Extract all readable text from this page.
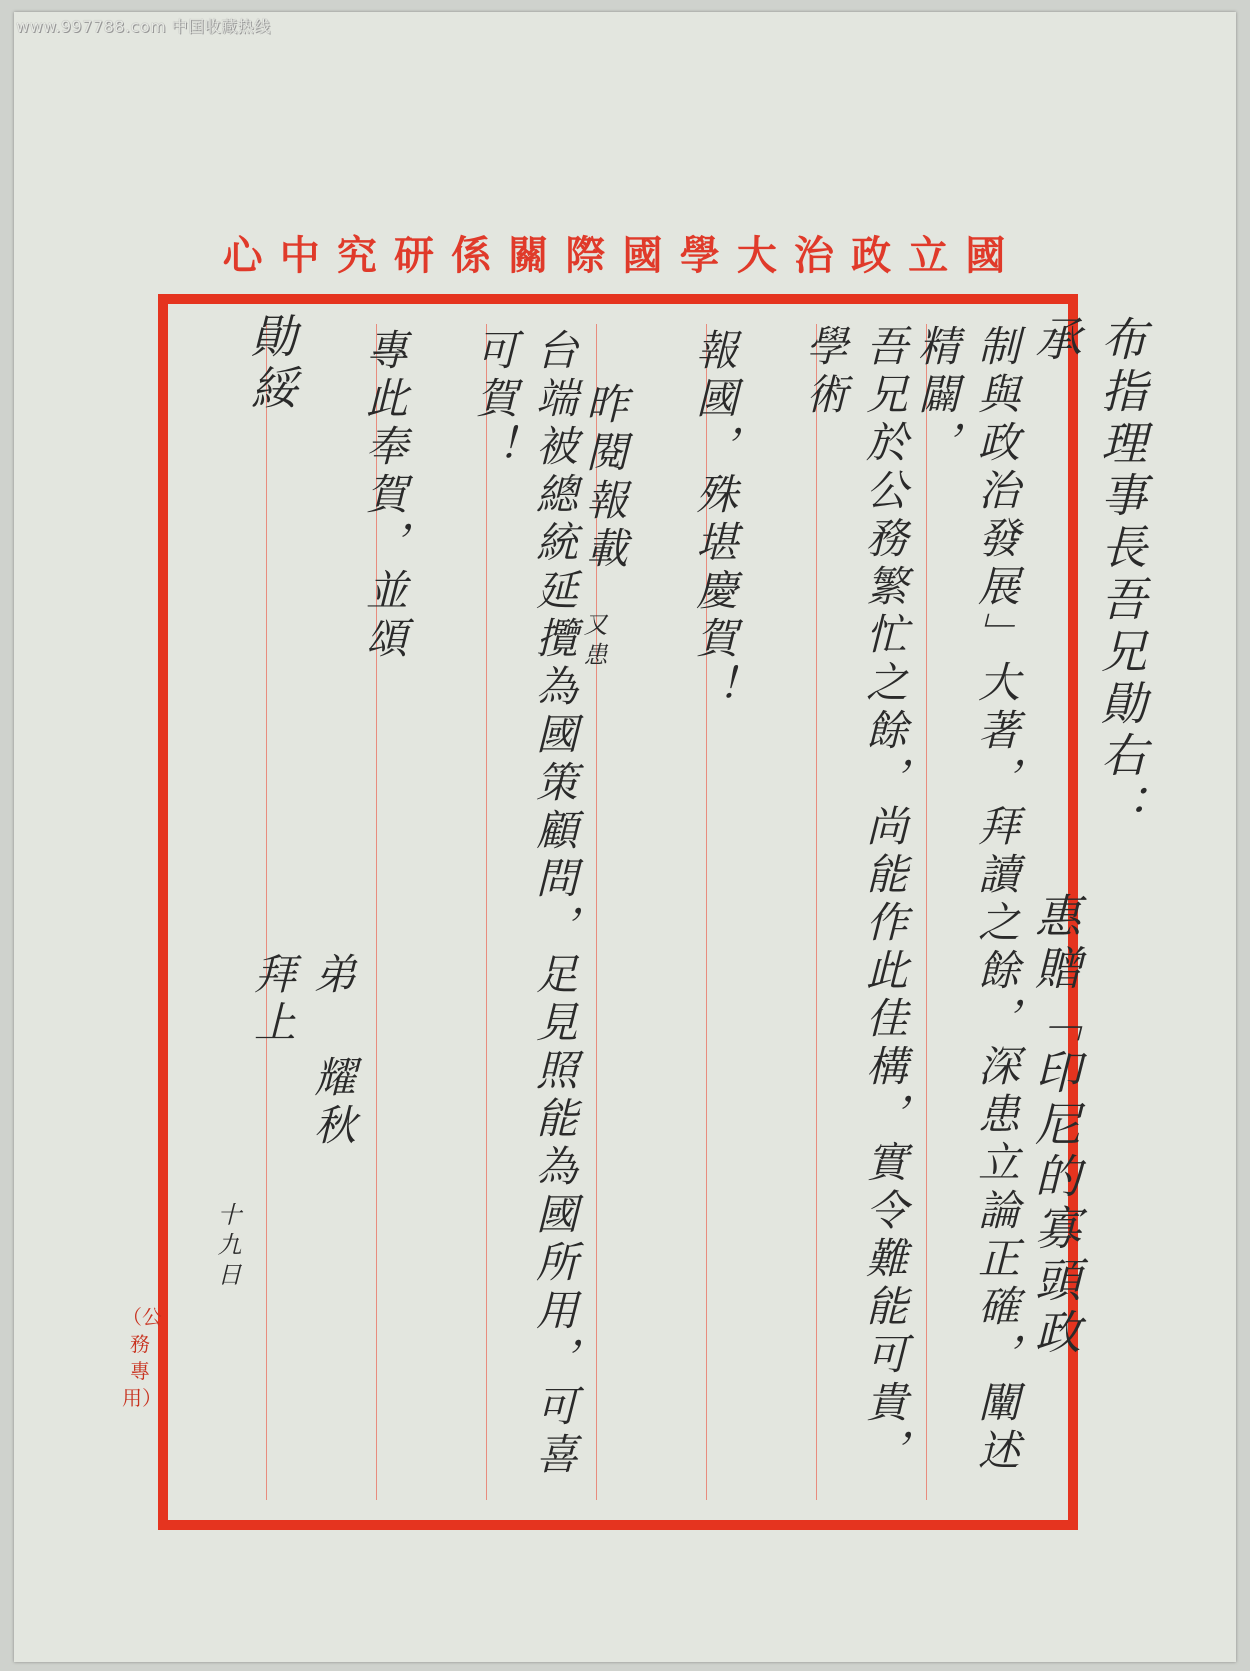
www.997788.com 中国收藏热线
心 中 究 研 係 關 際 國 學 大 治 政 立 國
（公務專用）
布指理事長吾兄勛右：承
惠贈「印尼的寡頭政
制與政治發展」大著，拜讀之餘，深患立論正確，闡述精闢，
吾兄於公務繁忙之餘，尚能作此佳構，實令難能可貴，學術
報國，殊堪慶賀！
昨閱報載
又患
台端被總統延攬為國策顧問，足見照能為國所用，可喜可賀！
專此奉賀，並頌
勛綏
弟 耀秋 拜上
十九日
